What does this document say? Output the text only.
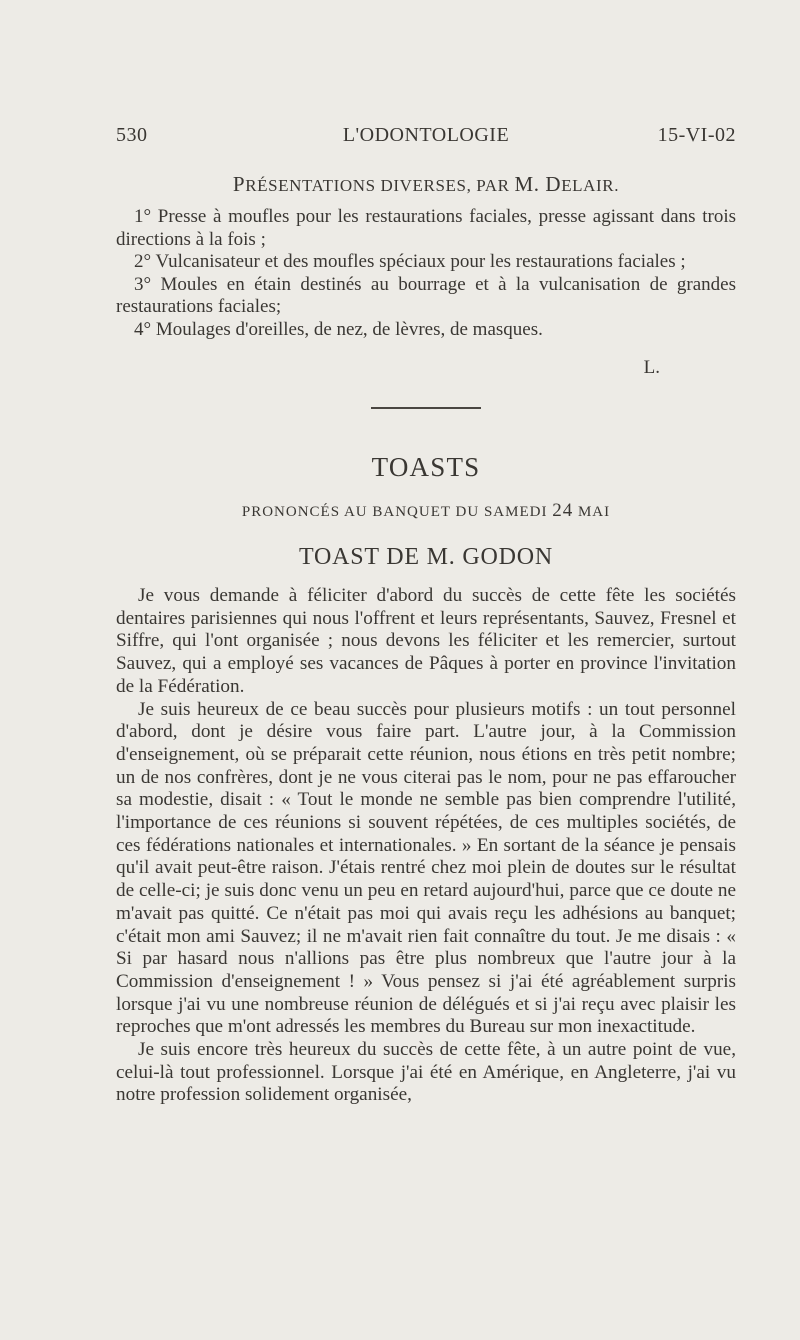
530	L'ODONTOLOGIE	15-VI-02
PRÉSENTATIONS DIVERSES, PAR M. DELAIR.

1° Presse à moufles pour les restaurations faciales, presse agissant dans trois directions à la fois ;

2° Vulcanisateur et des moufles spéciaux pour les restaurations faciales ;

3° Moules en étain destinés au bourrage et à la vulcanisation de grandes restaurations faciales;

4° Moulages d'oreilles, de nez, de lèvres, de masques.

L.
TOASTS
PRONONCÉS AU BANQUET DU SAMEDI 24 MAI
TOAST DE M. GODON

Je vous demande à féliciter d'abord du succès de cette fête les sociétés dentaires parisiennes qui nous l'offrent et leurs représentants, Sauvez, Fresnel et Siffre, qui l'ont organisée ; nous devons les féliciter et les remercier, surtout Sauvez, qui a employé ses vacances de Pâques à porter en province l'invitation de la Fédération.

Je suis heureux de ce beau succès pour plusieurs motifs : un tout personnel d'abord, dont je désire vous faire part. L'autre jour, à la Commission d'enseignement, où se préparait cette réunion, nous étions en très petit nombre; un de nos confrères, dont je ne vous citerai pas le nom, pour ne pas effaroucher sa modestie, disait : « Tout le monde ne semble pas bien comprendre l'utilité, l'importance de ces réunions si souvent répétées, de ces multiples sociétés, de ces fédérations nationales et internationales. » En sortant de la séance je pensais qu'il avait peut-être raison. J'étais rentré chez moi plein de doutes sur le résultat de celle-ci; je suis donc venu un peu en retard aujourd'hui, parce que ce doute ne m'avait pas quitté. Ce n'était pas moi qui avais reçu les adhésions au banquet; c'était mon ami Sauvez; il ne m'avait rien fait connaître du tout. Je me disais : « Si par hasard nous n'allions pas être plus nombreux que l'autre jour à la Commission d'enseignement ! » Vous pensez si j'ai été agréablement surpris lorsque j'ai vu une nombreuse réunion de délégués et si j'ai reçu avec plaisir les reproches que m'ont adressés les membres du Bureau sur mon inexactitude.

Je suis encore très heureux du succès de cette fête, à un autre point de vue, celui-là tout professionnel. Lorsque j'ai été en Amérique, en Angleterre, j'ai vu notre profession solidement organisée,
